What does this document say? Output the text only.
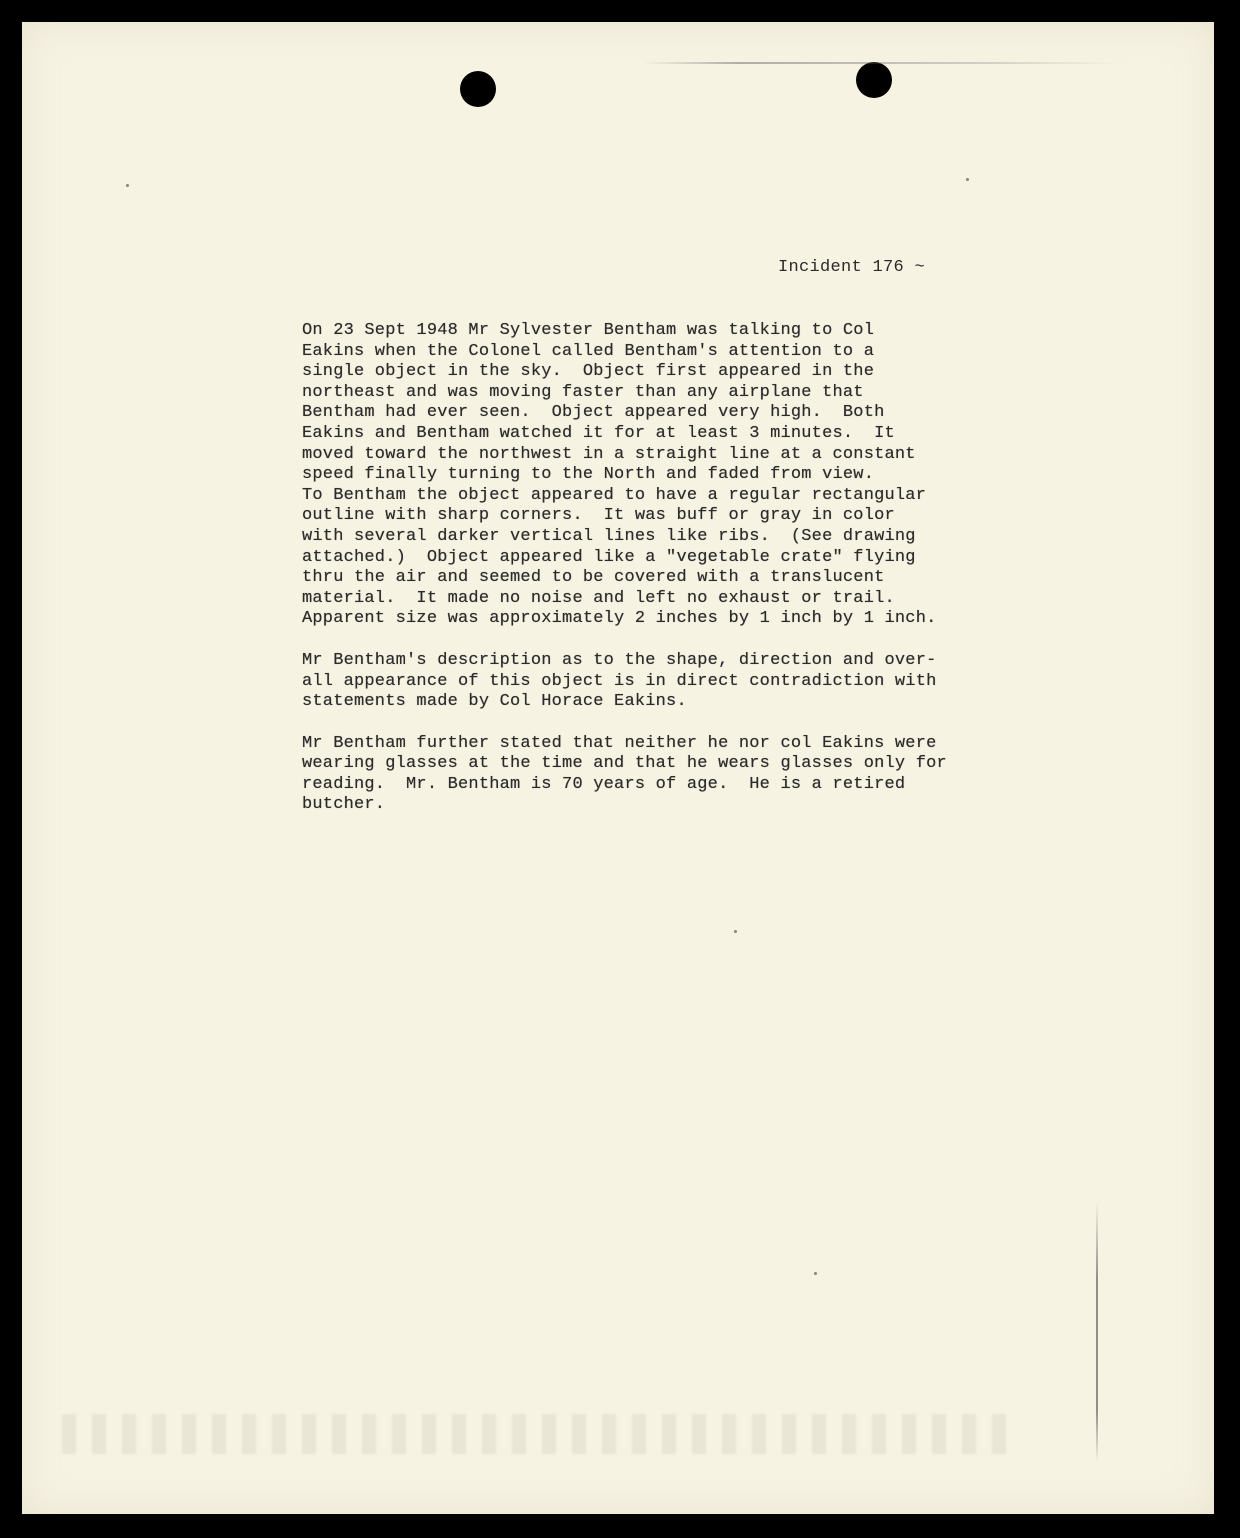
Incident 176 ~
On 23 Sept 1948 Mr Sylvester Bentham was talking to Col
Eakins when the Colonel called Bentham's attention to a
single object in the sky.  Object first appeared in the
northeast and was moving faster than any airplane that
Bentham had ever seen.  Object appeared very high.  Both
Eakins and Bentham watched it for at least 3 minutes.  It
moved toward the northwest in a straight line at a constant
speed finally turning to the North and faded from view.
To Bentham the object appeared to have a regular rectangular
outline with sharp corners.  It was buff or gray in color
with several darker vertical lines like ribs.  (See drawing
attached.)  Object appeared like a "vegetable crate" flying
thru the air and seemed to be covered with a translucent
material.  It made no noise and left no exhaust or trail.
Apparent size was approximately 2 inches by 1 inch by 1 inch.
Mr Bentham's description as to the shape, direction and over-
all appearance of this object is in direct contradiction with
statements made by Col Horace Eakins.
Mr Bentham further stated that neither he nor col Eakins were
wearing glasses at the time and that he wears glasses only for
reading.  Mr. Bentham is 70 years of age.  He is a retired
butcher.
